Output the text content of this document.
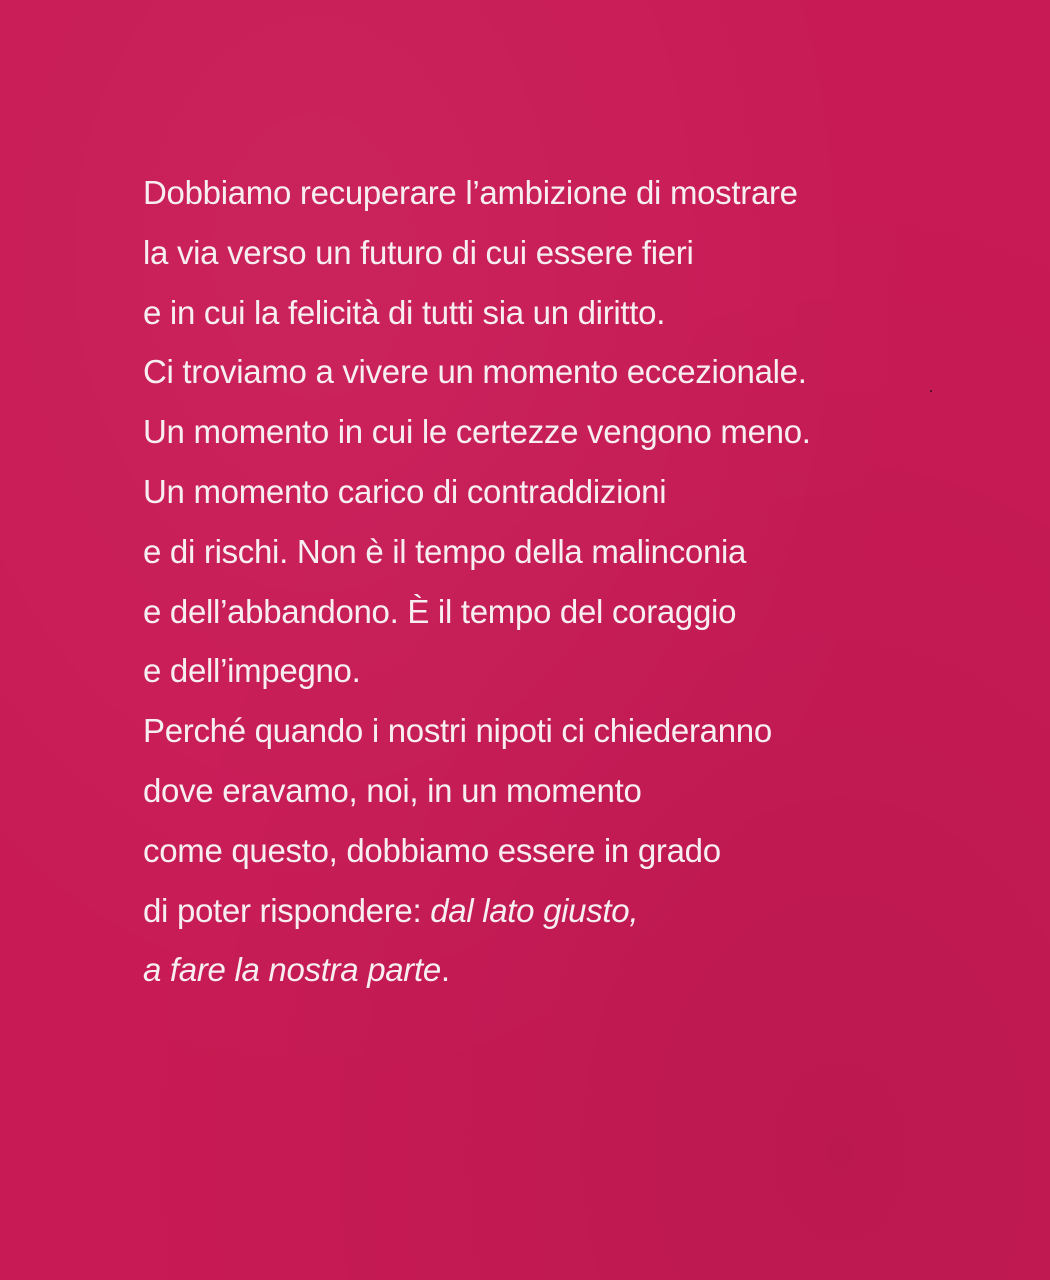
Dobbiamo recuperare l’ambizione di mostrare
la via verso un futuro di cui essere fieri
e in cui la felicità di tutti sia un diritto.
Ci troviamo a vivere un momento eccezionale.
Un momento in cui le certezze vengono meno.
Un momento carico di contraddizioni
e di rischi. Non è il tempo della malinconia
e dell’abbandono. È il tempo del coraggio
e dell’impegno.
Perché quando i nostri nipoti ci chiederanno
dove eravamo, noi, in un momento
come questo, dobbiamo essere in grado
di poter rispondere: dal lato giusto,
a fare la nostra parte.
